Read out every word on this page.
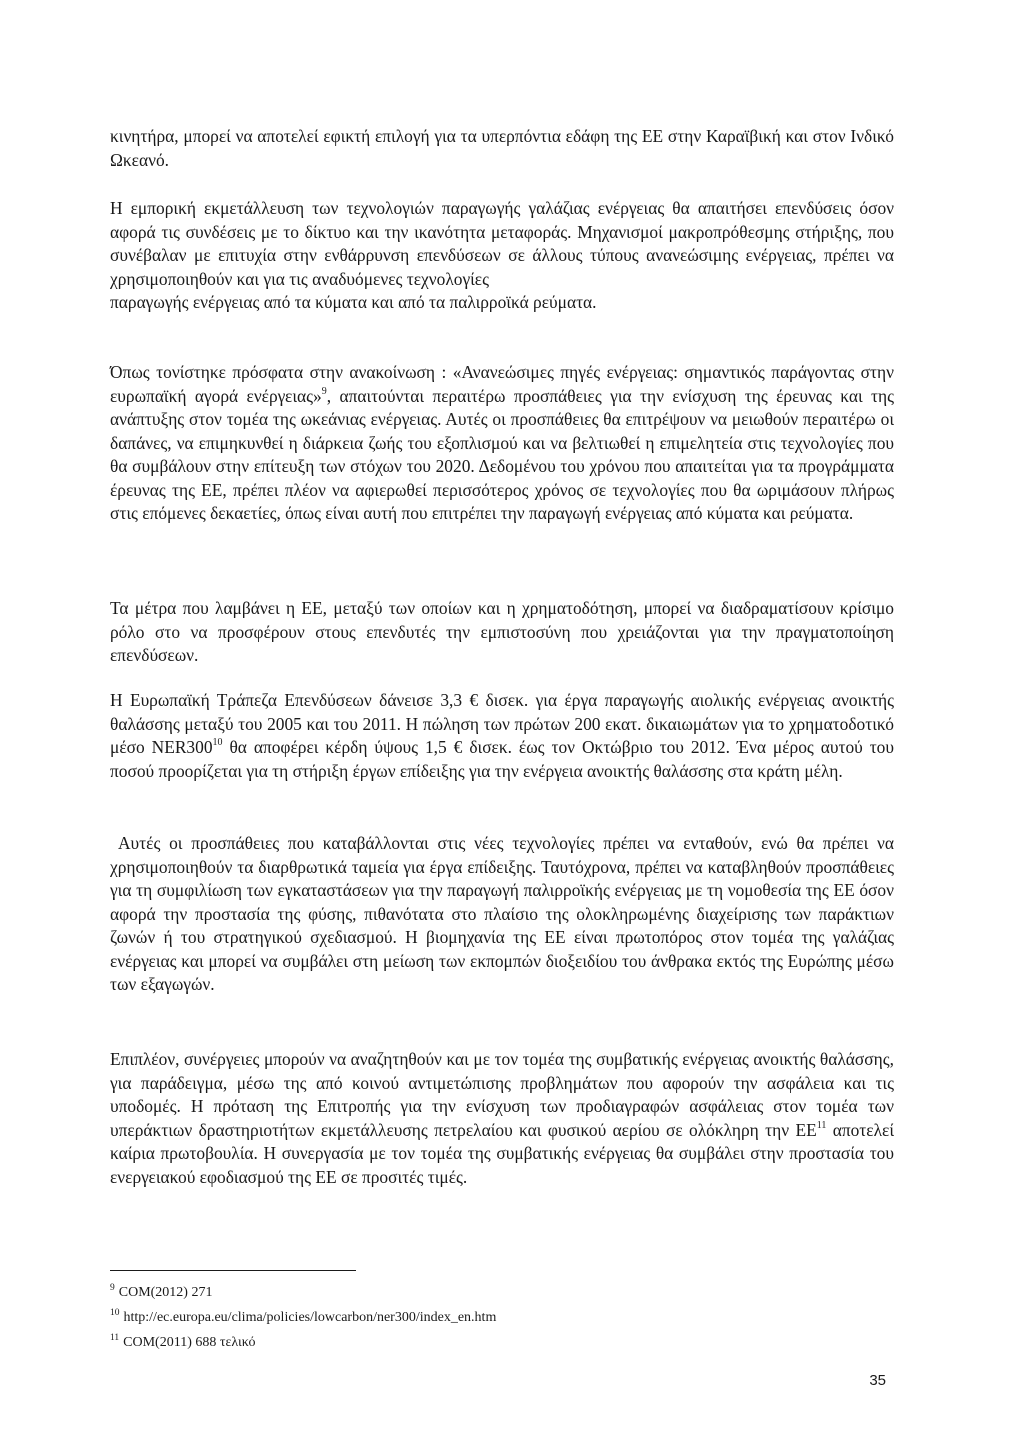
κινητήρα, μπορεί να αποτελεί εφικτή επιλογή για τα υπερπόντια εδάφη της ΕΕ στην Καραϊβική και στον Ινδικό Ωκεανό.

Η εμπορική εκμετάλλευση των τεχνολογιών παραγωγής γαλάζιας ενέργειας θα απαιτήσει επενδύσεις όσον αφορά τις συνδέσεις με το δίκτυο και την ικανότητα μεταφοράς. Μηχανισμοί μακροπρόθεσμης στήριξης, που συνέβαλαν με επιτυχία στην ενθάρρυνση επενδύσεων σε άλλους τύπους ανανεώσιμης ενέργειας, πρέπει να χρησιμοποιηθούν και για τις αναδυόμενες τεχνολογίες

παραγωγής ενέργειας από τα κύματα και από τα παλιρροϊκά ρεύματα.

Όπως τονίστηκε πρόσφατα στην ανακοίνωση : «Ανανεώσιμες πηγές ενέργειας: σημαντικός παράγοντας στην ευρωπαϊκή αγορά ενέργειας»$^9$, απαιτούνται περαιτέρω προσπάθειες για την ενίσχυση της έρευνας και της ανάπτυξης στον τομέα της ωκεάνιας ενέργειας. Αυτές οι προσπάθειες θα επιτρέψουν να μειωθούν περαιτέρω οι δαπάνες, να επιμηκυνθεί η διάρκεια ζωής του εξοπλισμού και να βελτιωθεί η επιμελητεία στις τεχνολογίες που θα συμβάλουν στην επίτευξη των στόχων του 2020. Δεδομένου του χρόνου που απαιτείται για τα προγράμματα έρευνας της ΕΕ, πρέπει πλέον να αφιερωθεί περισσότερος χρόνος σε τεχνολογίες που θα ωριμάσουν πλήρως στις επόμενες δεκαετίες, όπως είναι αυτή που επιτρέπει την παραγωγή ενέργειας από κύματα και ρεύματα.

Τα μέτρα που λαμβάνει η ΕΕ, μεταξύ των οποίων και η χρηματοδότηση, μπορεί να διαδραματίσουν κρίσιμο ρόλο στο να προσφέρουν στους επενδυτές την εμπιστοσύνη που χρειάζονται για την πραγματοποίηση επενδύσεων.

Η Ευρωπαϊκή Τράπεζα Επενδύσεων δάνεισε 3,3 € δισεκ. για έργα παραγωγής αιολικής ενέργειας ανοικτής θαλάσσης μεταξύ του 2005 και του 2011. Η πώληση των πρώτων 200 εκατ. δικαιωμάτων για το χρηματοδοτικό μέσο $NER300^{10}$ θα αποφέρει κέρδη ύψους 1,5 € δισεκ. έως τον Οκτώβριο του 2012. Ένα μέρος αυτού του ποσού προορίζεται για τη στήριξη έργων επίδειξης για την ενέργεια ανοικτής θαλάσσης στα κράτη μέλη.

Αυτές οι προσπάθειες που καταβάλλονται στις νέες τεχνολογίες πρέπει να ενταθούν, ενώ θα πρέπει να χρησιμοποιηθούν τα διαρθρωτικά ταμεία για έργα επίδειξης. Ταυτόχρονα, πρέπει να καταβληθούν προσπάθειες για τη συμφιλίωση των εγκαταστάσεων για την παραγωγή παλιρροϊκής ενέργειας με τη νομοθεσία της ΕΕ όσον αφορά την προστασία της φύσης, πιθανότατα στο πλαίσιο της ολοκληρωμένης διαχείρισης των παράκτιων ζωνών ή του στρατηγικού σχεδιασμού. Η βιομηχανία της ΕΕ είναι πρωτοπόρος στον τομέα της γαλάζιας ενέργειας και μπορεί να συμβάλει στη μείωση των εκπομπών διοξειδίου του άνθρακα εκτός της Ευρώπης μέσω των εξαγωγών.

Επιπλέον, συνέργειες μπορούν να αναζητηθούν και με τον τομέα της συμβατικής ενέργειας ανοικτής θαλάσσης, για παράδειγμα, μέσω της από κοινού αντιμετώπισης προβλημάτων που αφορούν την ασφάλεια και τις υποδομές. Η πρόταση της Επιτροπής για την ενίσχυση των προδιαγραφών ασφάλειας στον τομέα των υπεράκτιων δραστηριοτήτων εκμετάλλευσης πετρελαίου και φυσικού αερίου σε ολόκληρη την ΕΕ$^{11}$ αποτελεί καίρια πρωτοβουλία. Η συνεργασία με τον τομέα της συμβατικής ενέργειας θα συμβάλει στην προστασία του ενεργειακού εφοδιασμού της ΕΕ σε προσιτές τιμές.

$^9$ COM(2012) 271

$^{10}$ http://ec.europa.eu/clima/policies/lowcarbon/ner300/index_en.htm

$^{11}$ COM(2011) 688 τελικό

35
